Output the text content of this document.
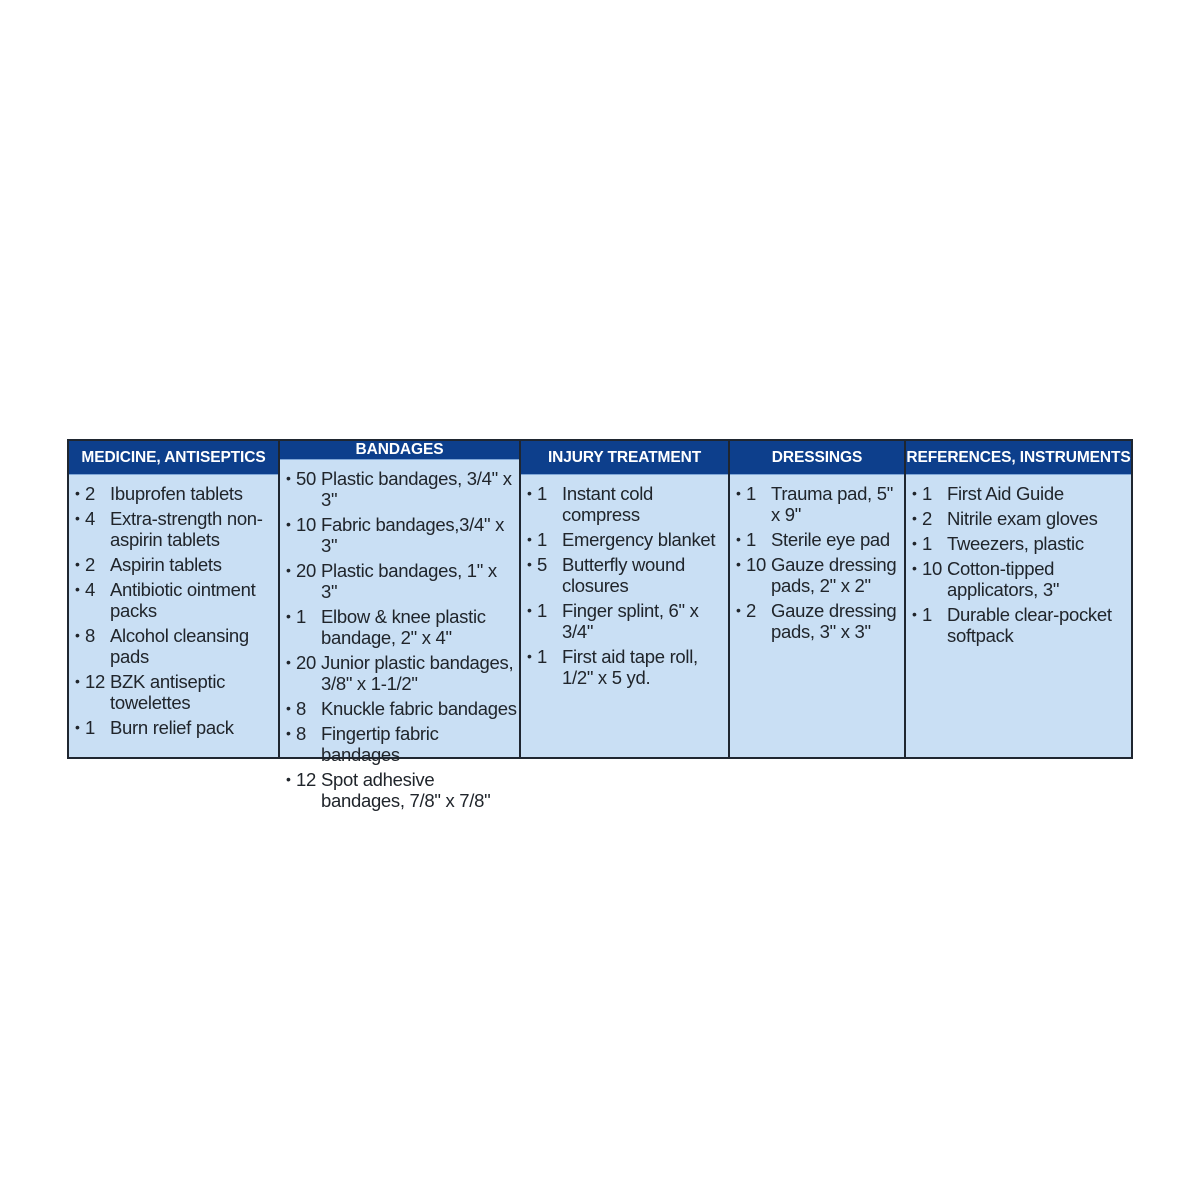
MEDICINE, ANTISEPTICS
• 2 Ibuprofen tablets
• 4 Extra-strength non-aspirin tablets
• 2 Aspirin tablets
• 4 Antibiotic ointment packs
• 8 Alcohol cleansing pads
• 12 BZK antiseptic towelettes
• 1 Burn relief pack
BANDAGES
• 50 Plastic bandages, 3/4" x 3"
• 10 Fabric bandages,3/4" x 3"
• 20 Plastic bandages, 1" x 3"
• 1 Elbow & knee plastic bandage, 2" x 4"
• 20 Junior plastic bandages, 3/8" x 1-1/2"
• 8 Knuckle fabric bandages
• 8 Fingertip fabric bandages
• 12 Spot adhesive bandages, 7/8" x 7/8"
INJURY TREATMENT
• 1 Instant cold compress
• 1 Emergency blanket
• 5 Butterfly wound closures
• 1 Finger splint, 6" x 3/4"
• 1 First aid tape roll, 1/2" x 5 yd.
DRESSINGS
• 1 Trauma pad, 5" x 9"
• 1 Sterile eye pad
• 10 Gauze dressing pads, 2" x 2"
• 2 Gauze dressing pads, 3" x 3"
REFERENCES, INSTRUMENTS
• 1 First Aid Guide
• 2 Nitrile exam gloves
• 1 Tweezers, plastic
• 10 Cotton-tipped applicators, 3"
• 1 Durable clear-pocket softpack
